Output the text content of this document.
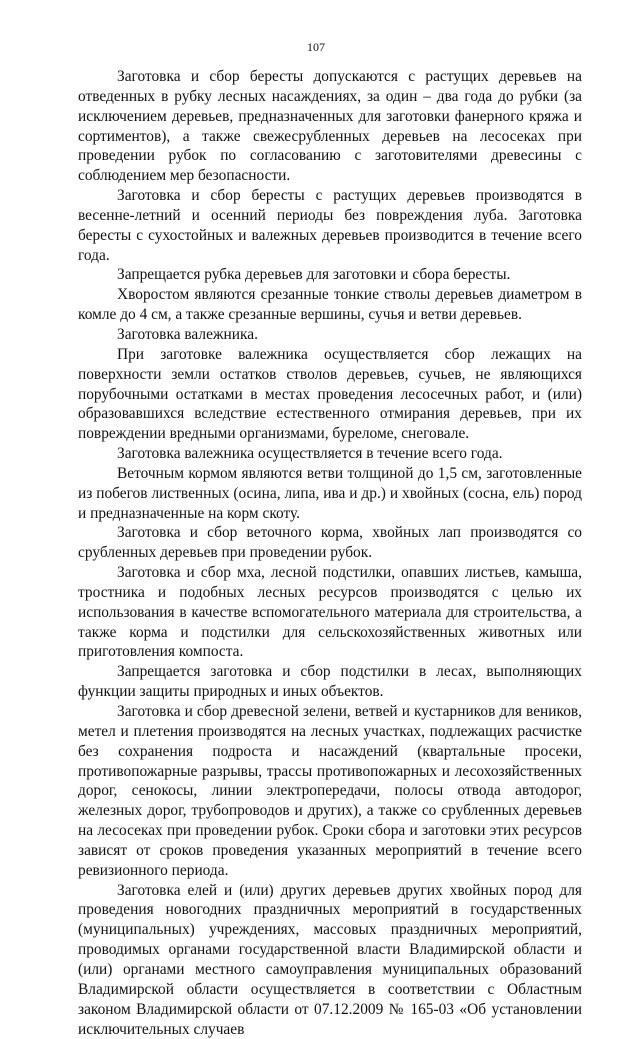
107

Заготовка и сбор бересты допускаются с растущих деревьев на отведенных в рубку лесных насаждениях, за один – два года до рубки (за исключением деревьев, предназначенных для заготовки фанерного кряжа и сортиментов), а также свежесрубленных деревьев на лесосеках при проведении рубок по согласованию с заготовителями древесины с соблюдением мер безопасности.

Заготовка и сбор бересты с растущих деревьев производятся в весенне-летний и осенний периоды без повреждения луба. Заготовка бересты с сухостойных и валежных деревьев производится в течение всего года.

Запрещается рубка деревьев для заготовки и сбора бересты.

Хворостом являются срезанные тонкие стволы деревьев диаметром в комле до 4 см, а также срезанные вершины, сучья и ветви деревьев.

Заготовка валежника.

При заготовке валежника осуществляется сбор лежащих на поверхности земли остатков стволов деревьев, сучьев, не являющихся порубочными остатками в местах проведения лесосечных работ, и (или) образовавшихся вследствие естественного отмирания деревьев, при их повреждении вредными организмами, буреломе, снеговале.

Заготовка валежника осуществляется в течение всего года.

Веточным кормом являются ветви толщиной до 1,5 см, заготовленные из побегов лиственных (осина, липа, ива и др.) и хвойных (сосна, ель) пород и предназначенные на корм скоту.

Заготовка и сбор веточного корма, хвойных лап производятся со срубленных деревьев при проведении рубок.

Заготовка и сбор мха, лесной подстилки, опавших листьев, камыша, тростника и подобных лесных ресурсов производятся с целью их использования в качестве вспомогательного материала для строительства, а также корма и подстилки для сельскохозяйственных животных или приготовления компоста.

Запрещается заготовка и сбор подстилки в лесах, выполняющих функции защиты природных и иных объектов.

Заготовка и сбор древесной зелени, ветвей и кустарников для веников, метел и плетения производятся на лесных участках, подлежащих расчистке без сохранения подроста и насаждений (квартальные просеки, противопожарные разрывы, трассы противопожарных и лесохозяйственных дорог, сенокосы, линии электропередачи, полосы отвода автодорог, железных дорог, трубопроводов и других), а также со срубленных деревьев на лесосеках при проведении рубок. Сроки сбора и заготовки этих ресурсов зависят от сроков проведения указанных мероприятий в течение всего ревизионного периода.

Заготовка елей и (или) других деревьев других хвойных пород для проведения новогодних праздничных мероприятий в государственных (муниципальных) учреждениях, массовых праздничных мероприятий, проводимых органами государственной власти Владимирской области и (или) органами местного самоуправления муниципальных образований Владимирской области осуществляется в соответствии с Областным законом Владимирской области от 07.12.2009 № 165-03 «Об установлении исключительных случаев
